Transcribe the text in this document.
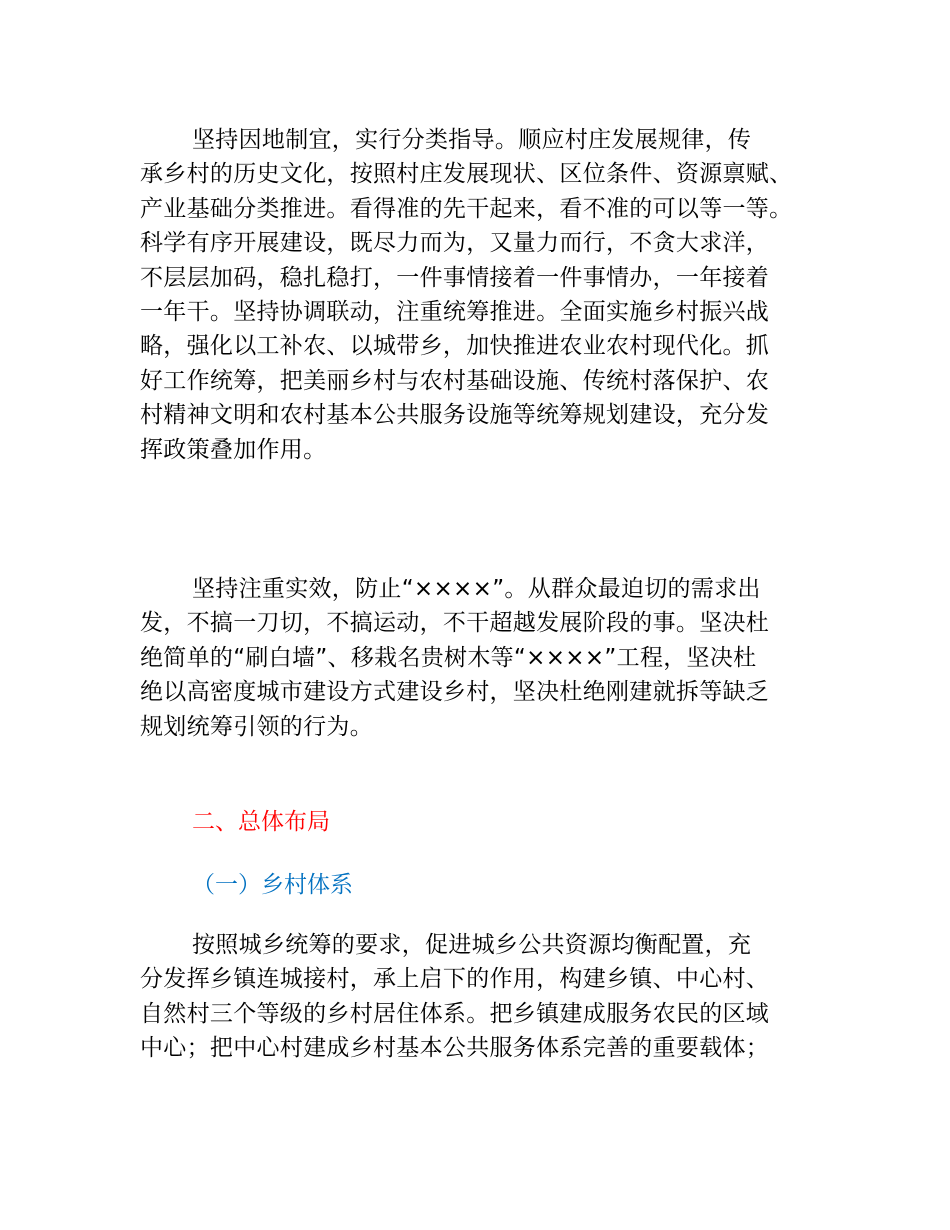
坚持因地制宜，实行分类指导。顺应村庄发展规律，传
承乡村的历史文化，按照村庄发展现状、区位条件、资源禀赋、
产业基础分类推进。看得准的先干起来，看不准的可以等一等。
科学有序开展建设，既尽力而为，又量力而行，不贪大求洋，
不层层加码，稳扎稳打，一件事情接着一件事情办，一年接着
一年干。坚持协调联动，注重统筹推进。全面实施乡村振兴战
略，强化以工补农、以城带乡，加快推进农业农村现代化。抓
好工作统筹，把美丽乡村与农村基础设施、传统村落保护、农
村精神文明和农村基本公共服务设施等统筹规划建设，充分发
挥政策叠加作用。
坚持注重实效，防止“××××”。从群众最迫切的需求出
发，不搞一刀切，不搞运动，不干超越发展阶段的事。坚决杜
绝简单的“刷白墙”、移栽名贵树木等“××××”工程，坚决杜
绝以高密度城市建设方式建设乡村，坚决杜绝刚建就拆等缺乏
规划统筹引领的行为。
二、总体布局
（一）乡村体系
按照城乡统筹的要求，促进城乡公共资源均衡配置，充
分发挥乡镇连城接村，承上启下的作用，构建乡镇、中心村、
自然村三个等级的乡村居住体系。把乡镇建成服务农民的区域
中心；把中心村建成乡村基本公共服务体系完善的重要载体；
